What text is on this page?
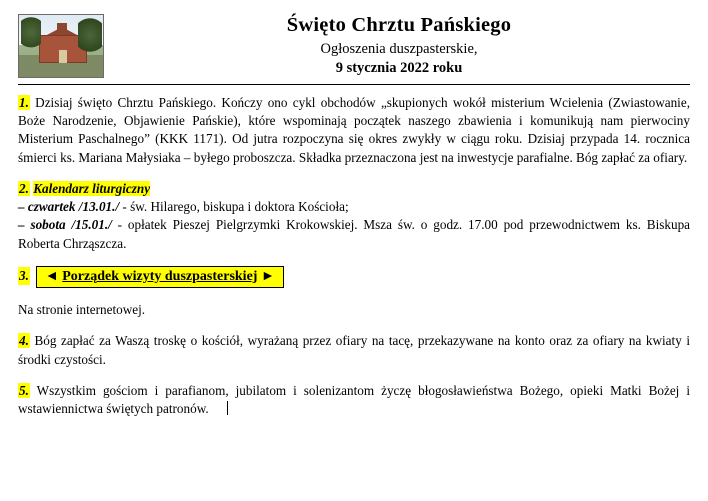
Święto Chrztu Pańskiego

Ogłoszenia duszpasterskie,

9 stycznia 2022 roku

1. Dzisiaj święto Chrztu Pańskiego. Kończy ono cykl obchodów „skupionych wokół misterium Wcielenia (Zwiastowanie, Boże Narodzenie, Objawienie Pańskie), które wspominają początek naszego zbawienia i komunikują nam pierwociny Misterium Paschalnego” (KKK 1171). Od jutra rozpoczyna się okres zwykły w ciągu roku. Dzisiaj przypada 14. rocznica śmierci ks. Mariana Małysiaka – byłego proboszcza. Składka przeznaczona jest na inwestycje parafialne. Bóg zapłać za ofiary.

2. Kalendarz liturgiczny

– czwartek /13.01./ - św. Hilarego, biskupa i doktora Kościoła;

– sobota /15.01./ - opłatek Pieszej Pielgrzymki Krokowskiej. Msza św. o godz. 17.00 pod przewodnictwem ks. Biskupa Roberta Chrząszcza.

3.	◄ Porządek wizyty duszpasterskiej ►

Na stronie internetowej.

4. Bóg zapłać za Waszą troskę o kościół, wyrażaną przez ofiary na tacę, przekazywane na konto oraz za ofiary na kwiaty i środki czystości.

5. Wszystkim gościom i parafianom, jubilatom i solenizantom życzę błogosławieństwa Bożego, opieki Matki Bożej i wstawiennictwa świętych patronów.
